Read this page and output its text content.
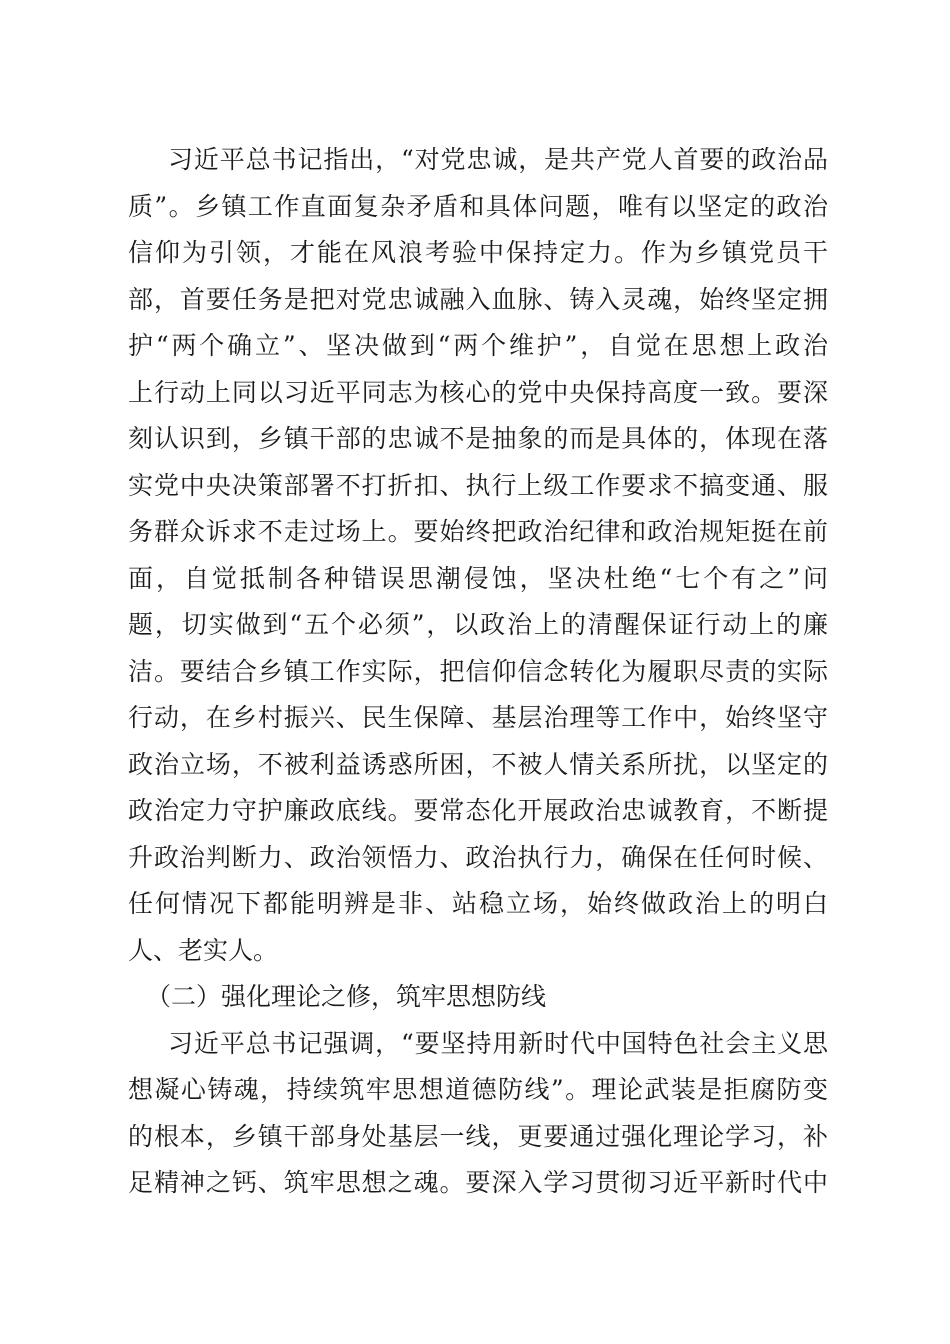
习近平总书记指出，“对党忠诚，是共产党人首要的政治品
质”。乡镇工作直面复杂矛盾和具体问题，唯有以坚定的政治
信仰为引领，才能在风浪考验中保持定力。作为乡镇党员干
部，首要任务是把对党忠诚融入血脉、铸入灵魂，始终坚定拥
护“两个确立”、坚决做到“两个维护”，自觉在思想上政治
上行动上同以习近平同志为核心的党中央保持高度一致。要深
刻认识到，乡镇干部的忠诚不是抽象的而是具体的，体现在落
实党中央决策部署不打折扣、执行上级工作要求不搞变通、服
务群众诉求不走过场上。要始终把政治纪律和政治规矩挺在前
面，自觉抵制各种错误思潮侵蚀，坚决杜绝“七个有之”问
题，切实做到“五个必须”，以政治上的清醒保证行动上的廉
洁。要结合乡镇工作实际，把信仰信念转化为履职尽责的实际
行动，在乡村振兴、民生保障、基层治理等工作中，始终坚守
政治立场，不被利益诱惑所困，不被人情关系所扰，以坚定的
政治定力守护廉政底线。要常态化开展政治忠诚教育，不断提
升政治判断力、政治领悟力、政治执行力，确保在任何时候、
任何情况下都能明辨是非、站稳立场，始终做政治上的明白
人、老实人。
（二）强化理论之修，筑牢思想防线
习近平总书记强调，“要坚持用新时代中国特色社会主义思
想凝心铸魂，持续筑牢思想道德防线”。理论武装是拒腐防变
的根本，乡镇干部身处基层一线，更要通过强化理论学习，补
足精神之钙、筑牢思想之魂。要深入学习贯彻习近平新时代中
